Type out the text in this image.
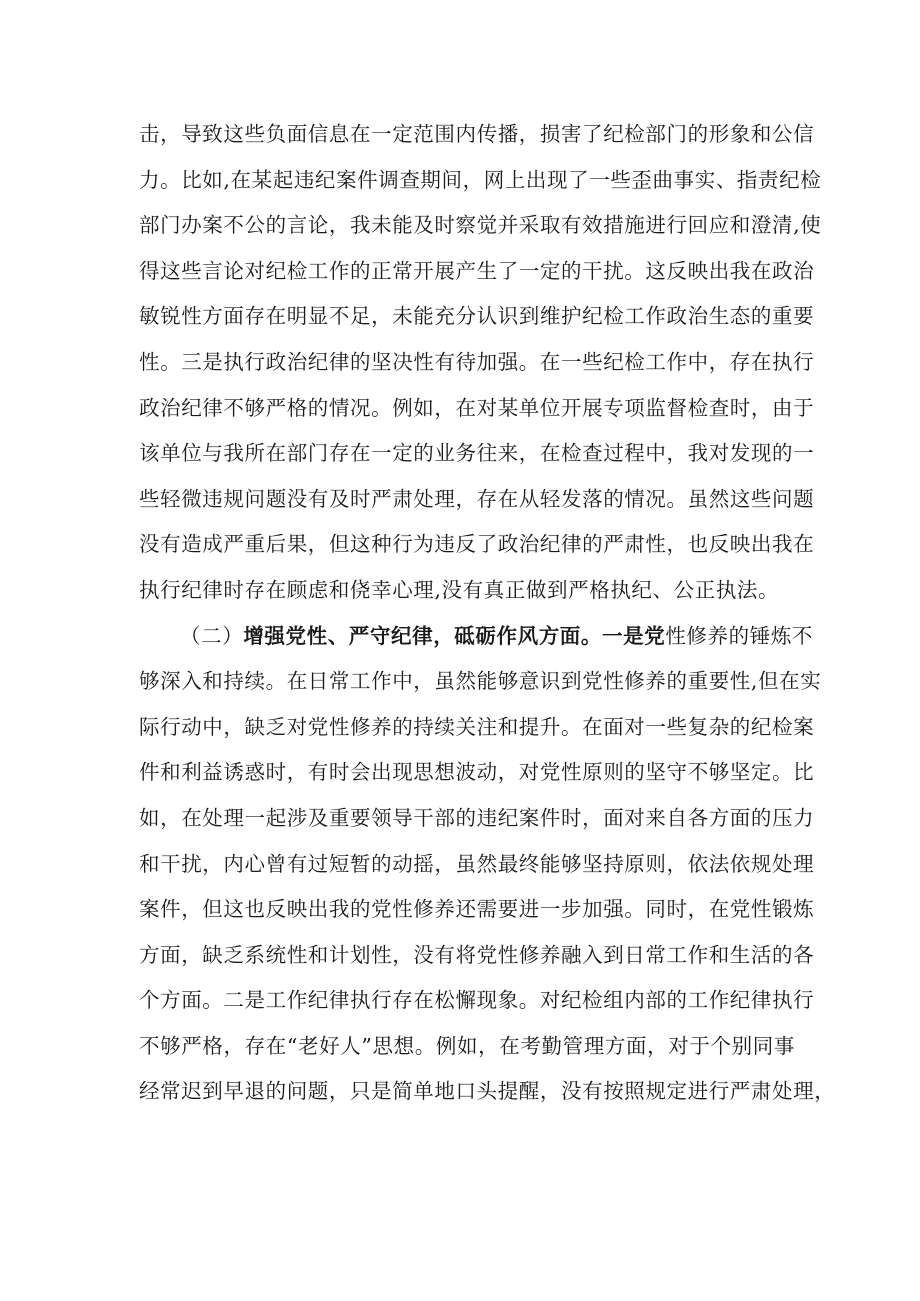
击，导致这些负面信息在一定范围内传播，损害了纪检部门的形象和公信
力。比如,在某起违纪案件调查期间，网上出现了一些歪曲事实、指责纪检
部门办案不公的言论，我未能及时察觉并采取有效措施进行回应和澄清,使
得这些言论对纪检工作的正常开展产生了一定的干扰。这反映出我在政治
敏锐性方面存在明显不足，未能充分认识到维护纪检工作政治生态的重要
性。三是执行政治纪律的坚决性有待加强。在一些纪检工作中，存在执行
政治纪律不够严格的情况。例如，在对某单位开展专项监督检查时，由于
该单位与我所在部门存在一定的业务往来，在检查过程中，我对发现的一
些轻微违规问题没有及时严肃处理，存在从轻发落的情况。虽然这些问题
没有造成严重后果，但这种行为违反了政治纪律的严肃性，也反映出我在
执行纪律时存在顾虑和侥幸心理,没有真正做到严格执纪、公正执法。
（二）增强党性、严守纪律，砥砺作风方面。一是党性修养的锤炼不
够深入和持续。在日常工作中，虽然能够意识到党性修养的重要性,但在实
际行动中，缺乏对党性修养的持续关注和提升。在面对一些复杂的纪检案
件和利益诱惑时，有时会出现思想波动，对党性原则的坚守不够坚定。比
如，在处理一起涉及重要领导干部的违纪案件时，面对来自各方面的压力
和干扰，内心曾有过短暂的动摇，虽然最终能够坚持原则，依法依规处理
案件，但这也反映出我的党性修养还需要进一步加强。同时，在党性锻炼
方面，缺乏系统性和计划性，没有将党性修养融入到日常工作和生活的各
个方面。二是工作纪律执行存在松懈现象。对纪检组内部的工作纪律执行
不够严格，存在“老好人”思想。例如，在考勤管理方面，对于个别同事
经常迟到早退的问题，只是简单地口头提醒，没有按照规定进行严肃处理，
